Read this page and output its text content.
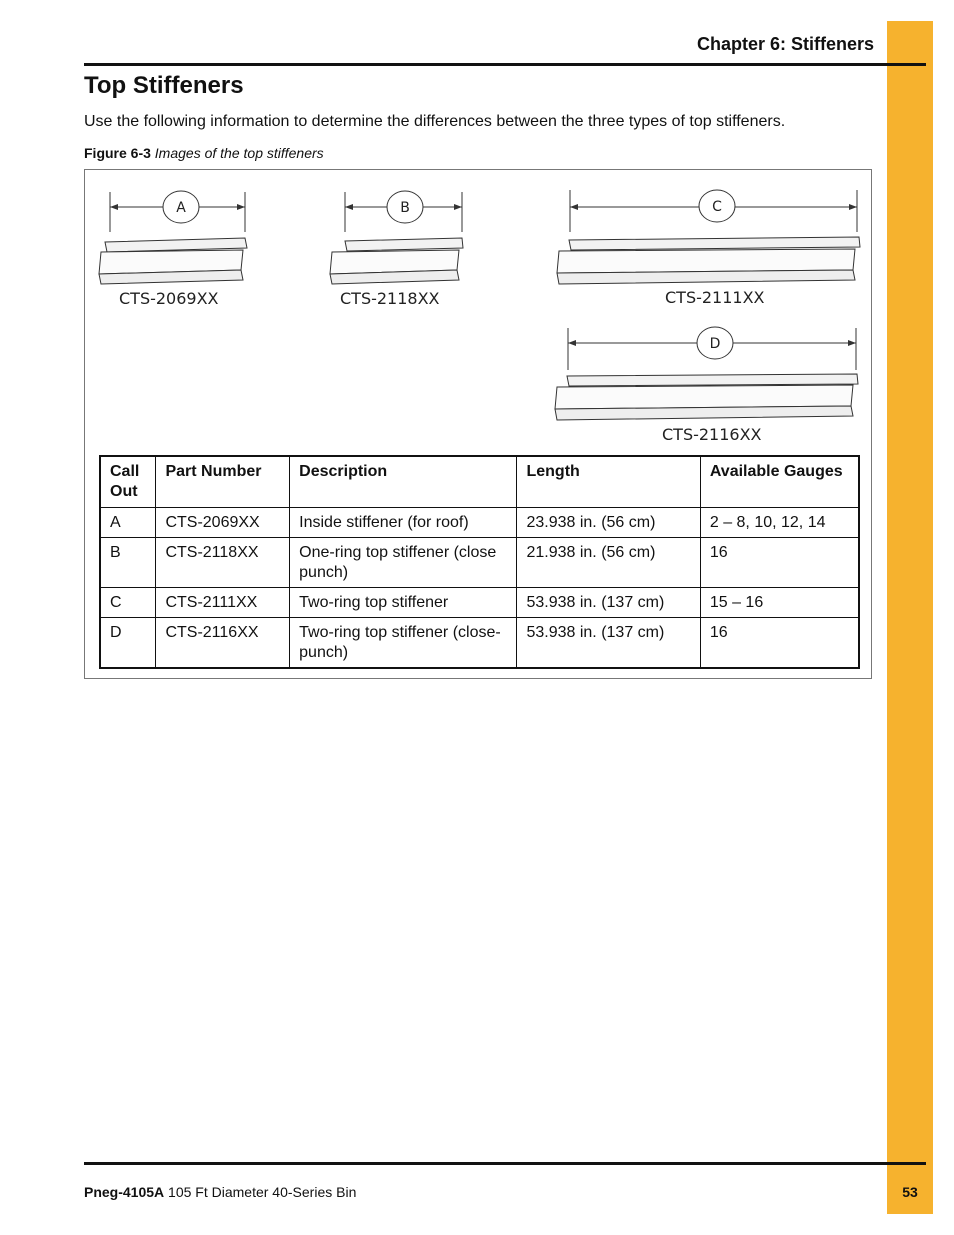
Chapter 6: Stiffeners
Top Stiffeners
Use the following information to determine the differences between the three types of top stiffeners.
Figure 6-3 Images of the top stiffeners
A
CTS-2069XX
B
CTS-2118XX
C
CTS-2111XX
D
CTS-2116XX
Call Out	Part Number	Description	Length	Available Gauges
A	CTS-2069XX	Inside stiffener (for roof)	23.938 in. (56 cm)	2 – 8, 10, 12, 14
B	CTS-2118XX	One-ring top stiffener (close punch)	21.938 in. (56 cm)	16
C	CTS-2111XX	Two-ring top stiffener	53.938 in. (137 cm)	15 – 16
D	CTS-2116XX	Two-ring top stiffener (close-punch)	53.938 in. (137 cm)	16
Pneg-4105A 105 Ft Diameter 40-Series Bin	53
